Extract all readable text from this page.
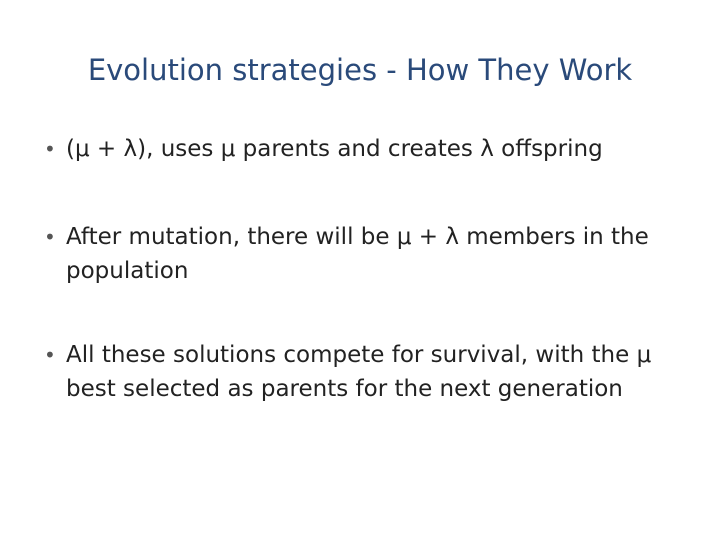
Evolution strategies - How They Work
• (μ + λ), uses μ parents and creates λ offspring
• After mutation, there will be μ + λ members in the population
• All these solutions compete for survival, with the μ best selected as parents for the next generation
